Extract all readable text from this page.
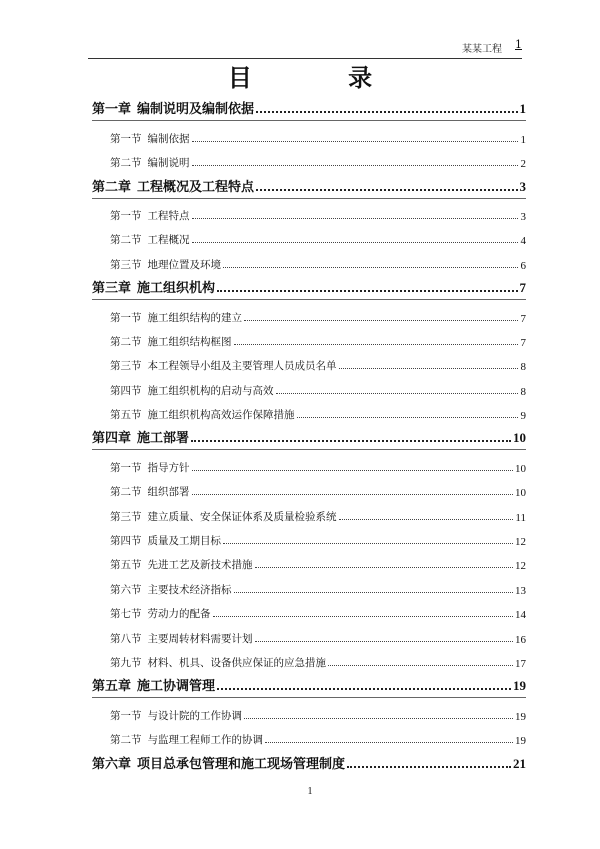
某某工程 1
目 录
第一章 编制说明及编制依据	1
第一节 编制依据	1
第二节 编制说明	2
第二章 工程概况及工程特点	3
第一节 工程特点	3
第二节 工程概况	4
第三节 地理位置及环境	6
第三章 施工组织机构	7
第一节 施工组织结构的建立	7
第二节 施工组织结构框图	7
第三节 本工程领导小组及主要管理人员成员名单	8
第四节 施工组织机构的启动与高效	8
第五节 施工组织机构高效运作保障措施	9
第四章 施工部署	10
第一节 指导方针	10
第二节 组织部署	10
第三节 建立质量、安全保证体系及质量检验系统	11
第四节 质量及工期目标	12
第五节 先进工艺及新技术措施	12
第六节 主要技术经济指标	13
第七节 劳动力的配备	14
第八节 主要周转材料需要计划	16
第九节 材料、机具、设备供应保证的应急措施	17
第五章 施工协调管理	19
第一节 与设计院的工作协调	19
第二节 与监理工程师工作的协调	19
第六章 项目总承包管理和施工现场管理制度	21
1
